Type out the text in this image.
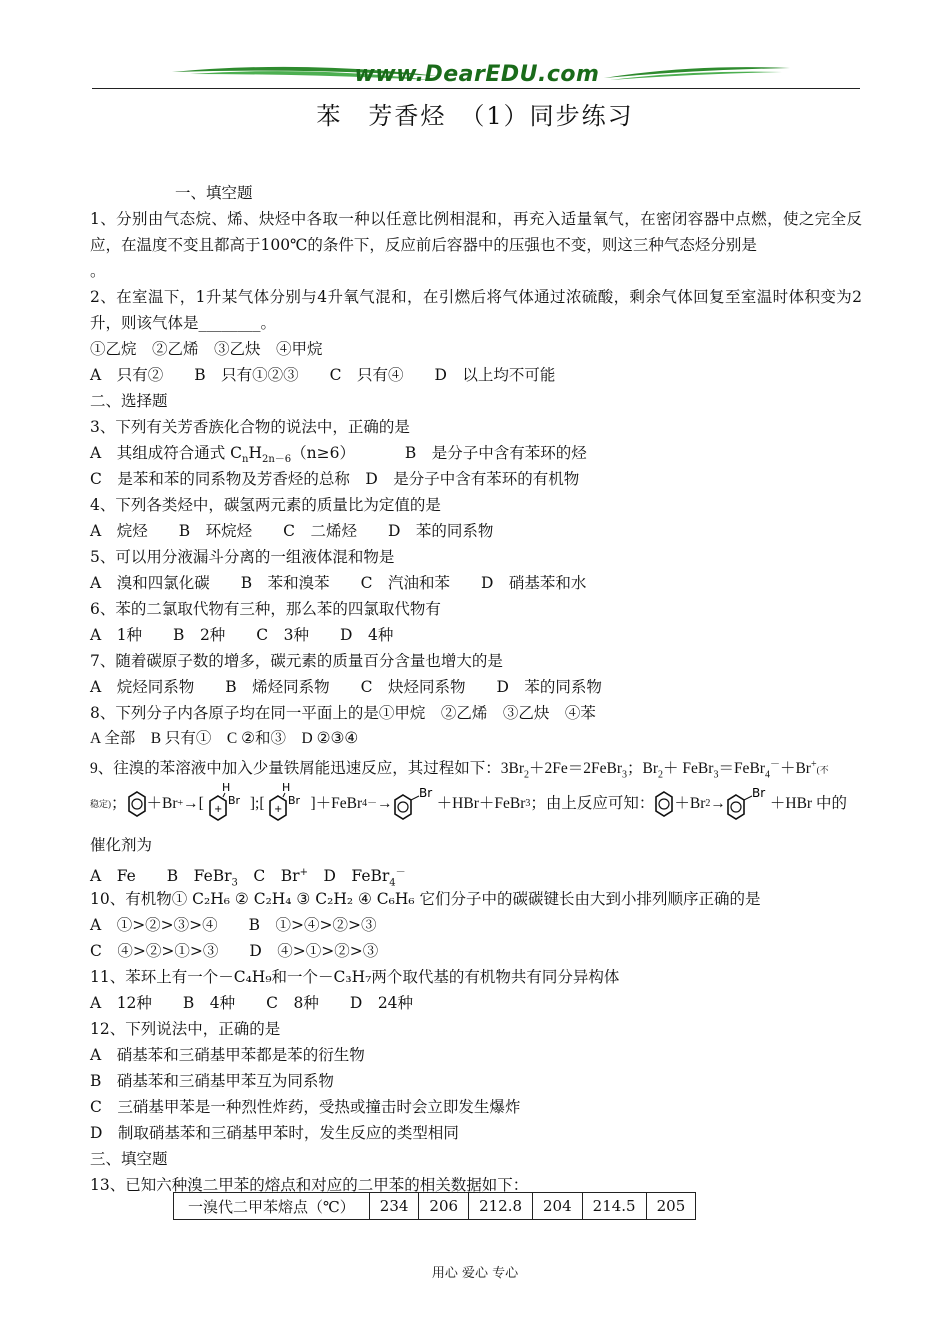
www.DearEDU.com
苯　芳香烃　（1）同步练习
一、填空题
1、分别由气态烷、烯、炔烃中各取一种以任意比例相混和，再充入适量氧气，在密闭容器中点燃，使之完全反应，在温度不变且都高于100℃的条件下，反应前后容器中的压强也不变，则这三种气态烃分别是
。
2、在室温下，1升某气体分别与4升氧气混和，在引燃后将气体通过浓硫酸，剩余气体回复至室温时体积变为2升，则该气体是________。
①乙烷　②乙烯　③乙炔　④甲烷
A　只有②　　B　只有①②③　　C　只有④　　D　以上均不可能
二、选择题
3、下列有关芳香族化合物的说法中，正确的是
A　其组成符合通式 $C_nH_{2n-6}(n\ge 6)$	B　是分子中含有苯环的烃
C　是苯和苯的同系物及芳香烃的总称　D　是分子中含有苯环的有机物
4、下列各类烃中，碳氢两元素的质量比为定值的是
A　烷烃　　B　环烷烃　　C　二烯烃　　D　苯的同系物
5、可以用分液漏斗分离的一组液体混和物是
A　溴和四氯化碳　　B　苯和溴苯　　C　汽油和苯　　D　硝基苯和水
6、苯的二氯取代物有三种，那么苯的四氯取代物有
A　1种　　B　2种　　C　3种　　D　4种
7、随着碳原子数的增多，碳元素的质量百分含量也增大的是
A　烷烃同系物　　B　烯烃同系物　　C　炔烃同系物　　D　苯的同系物
8、下列分子内各原子均在同一平面上的是①甲烷　②乙烯　③乙炔　④苯
A 全部　B 只有①　C ②和③　D ②③④
9、往溴的苯溶液中加入少量铁屑能迅速反应，其过程如下：$3Br_2+2Fe=2FeBr_3$；$Br_2+$ FeBr$_3$＝FeBr$_4$－＋Br+(不
稳定) ； ＋Br + →[ +
H
Br ]; [ +
H
Br ]＋FeBr 4 － →
Br
＋HBr＋FeBr 3 ；由上反应可知： ＋Br 2 →
Br
＋HBr 中的
催化剂为
A　Fe　　B　FeBr$_3$　C　Br+　D　FeBr$_4$－
10、有机物① C₂H₆ ② C₂H₄ ③ C₂H₂ ④ C₆H₆ 它们分子中的碳碳键长由大到小排列顺序正确的是
A　①>②>③>④　　B　①>④>②>③
C　④>②>①>③　　D　④>①>②>③
11、苯环上有一个－C₄H₉和一个－C₃H₇两个取代基的有机物共有同分异构体
A　12种　　B　4种　　C　8种　　D　24种
12、下列说法中，正确的是
A　硝基苯和三硝基甲苯都是苯的衍生物
B　硝基苯和三硝基甲苯互为同系物
C　三硝基甲苯是一种烈性炸药，受热或撞击时会立即发生爆炸
D　制取硝基苯和三硝基甲苯时，发生反应的类型相同
三、填空题
13、已知六种溴二甲苯的熔点和对应的二甲苯的相关数据如下：
一溴代二甲苯熔点（℃）	234	206	212.8	204	214.5	205
用心 爱心 专心
